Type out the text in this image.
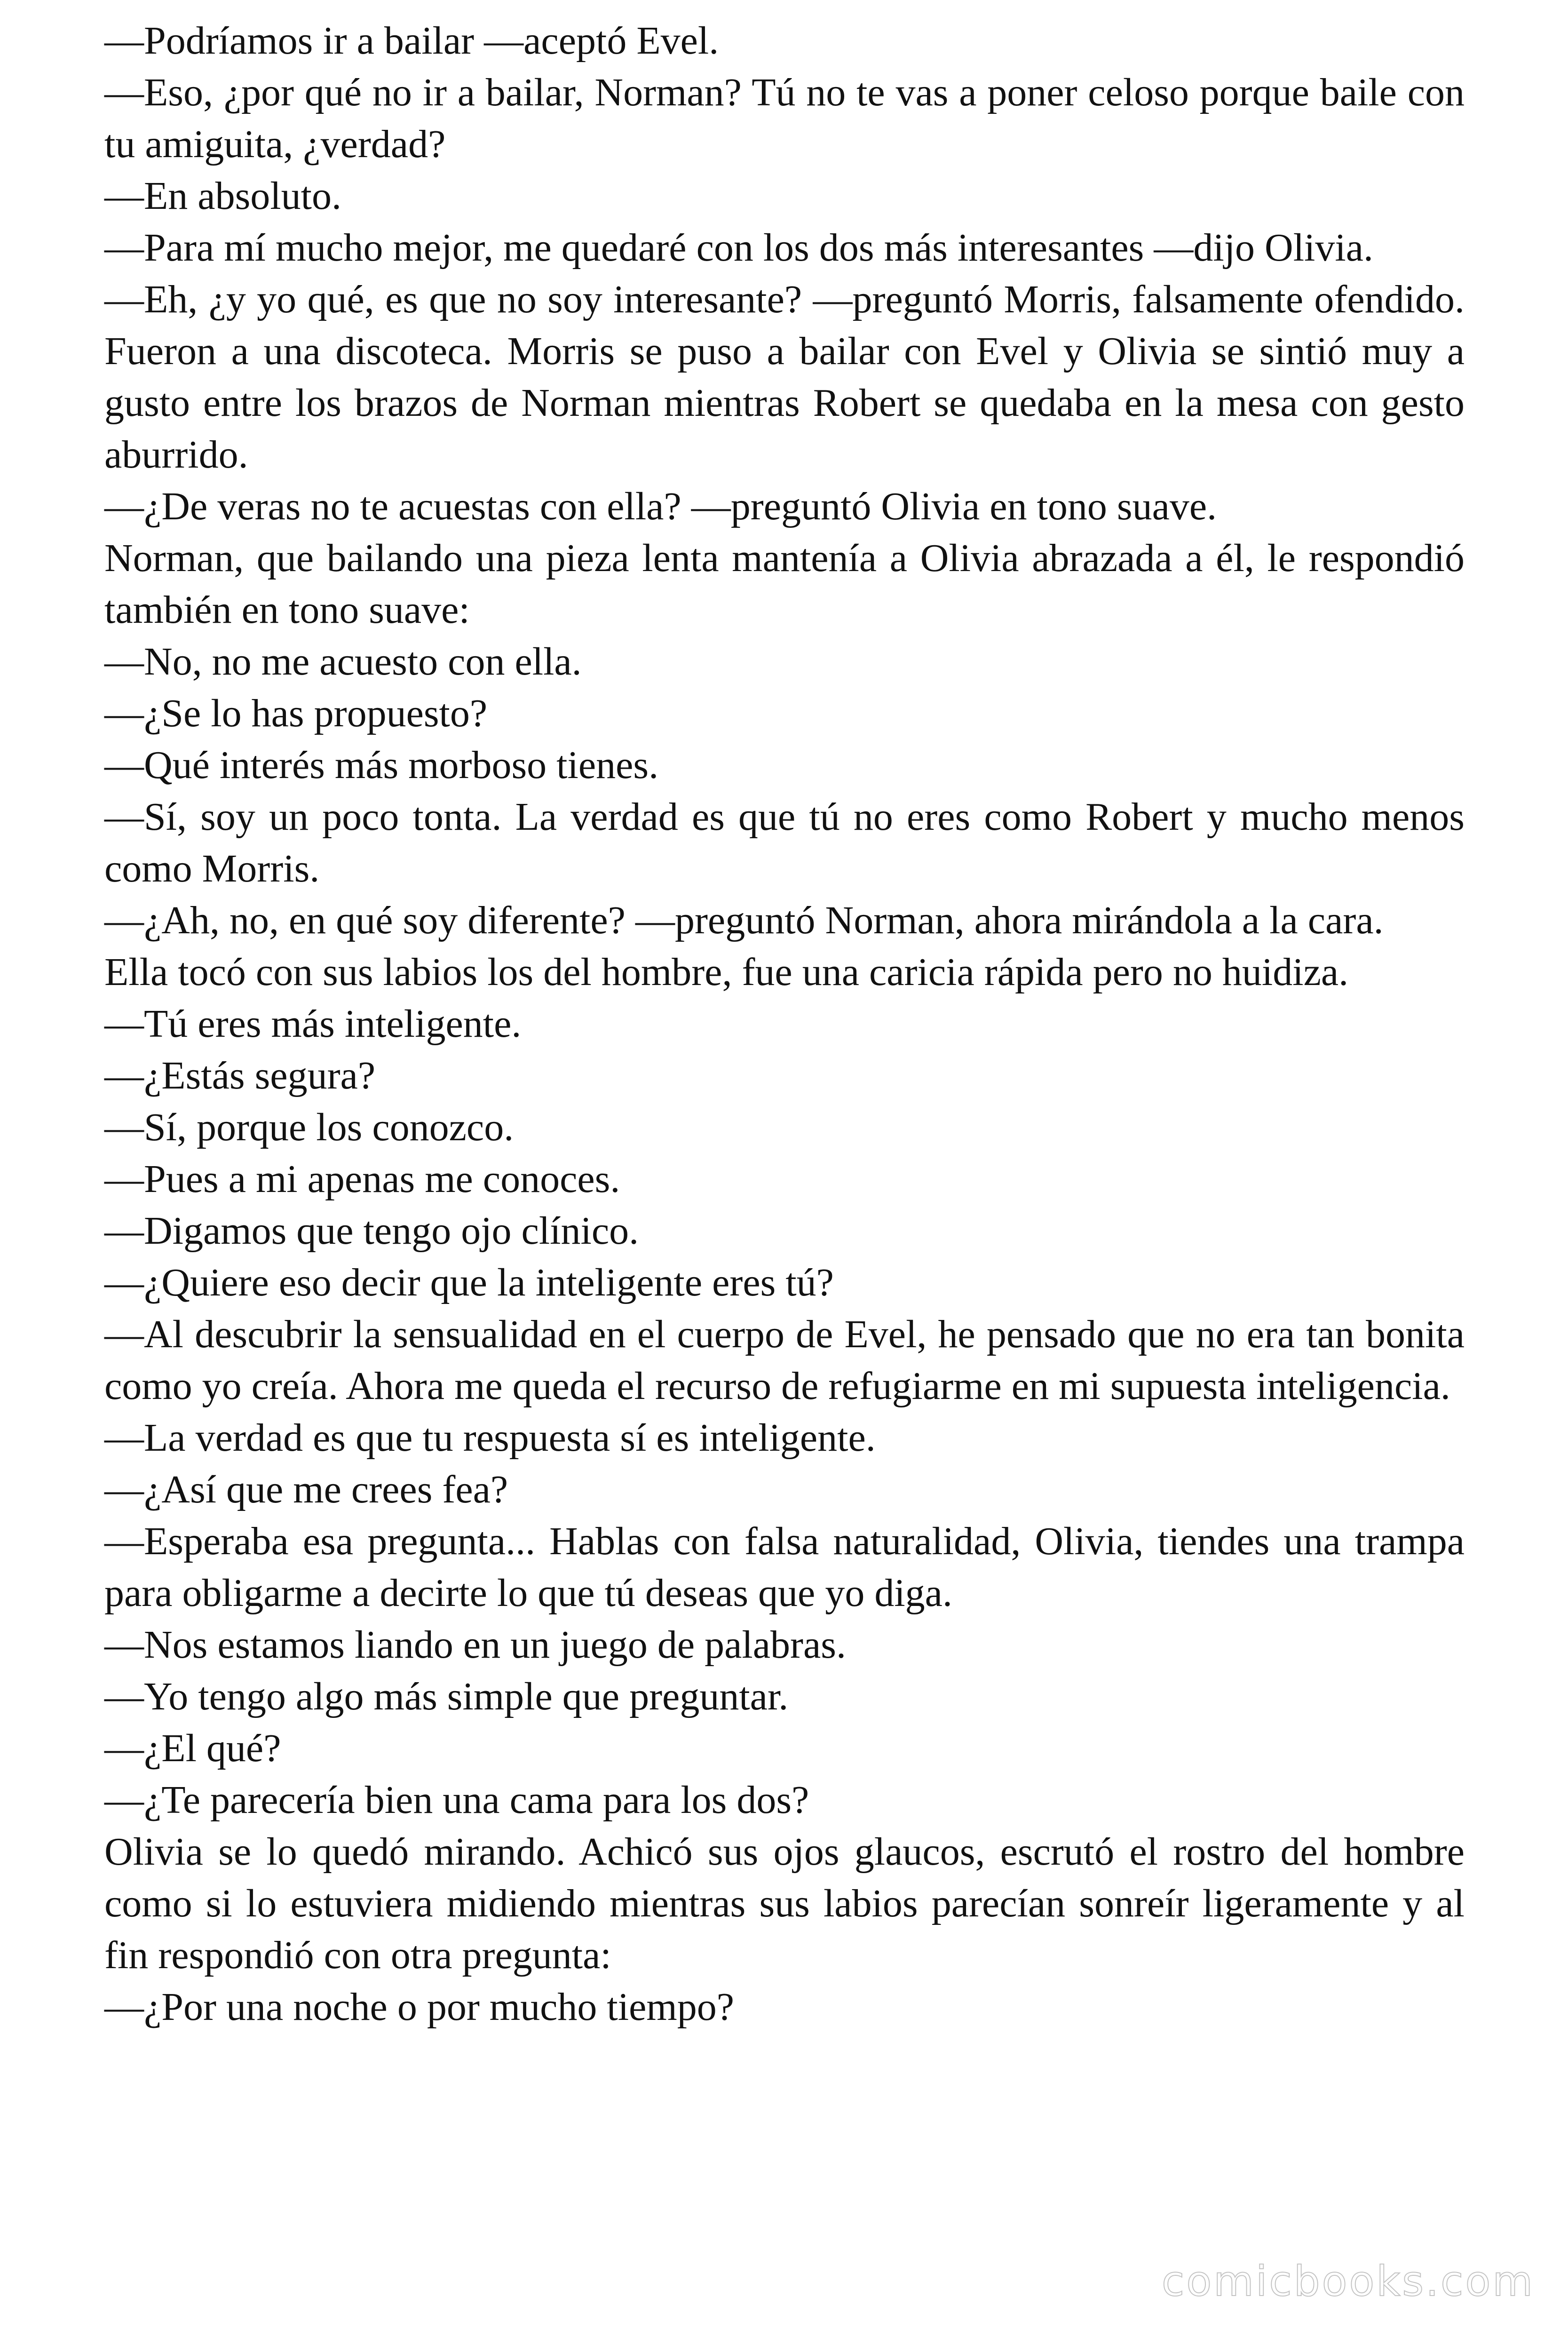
—Podríamos ir a bailar —aceptó Evel.

—Eso, ¿por qué no ir a bailar, Norman? Tú no te vas a poner celoso porque baile con tu amiguita, ¿verdad?

—En absoluto.

—Para mí mucho mejor, me quedaré con los dos más interesantes —dijo Olivia.

—Eh, ¿y yo qué, es que no soy interesante? —preguntó Morris, falsamente ofendido. Fueron a una discoteca. Morris se puso a bailar con Evel y Olivia se sintió muy a gusto entre los brazos de Norman mientras Robert se quedaba en la mesa con gesto aburrido.

—¿De veras no te acuestas con ella? —preguntó Olivia en tono suave.

Norman, que bailando una pieza lenta mantenía a Olivia abrazada a él, le respondió también en tono suave:

—No, no me acuesto con ella.

—¿Se lo has propuesto?

—Qué interés más morboso tienes.

—Sí, soy un poco tonta. La verdad es que tú no eres como Robert y mucho menos como Morris.

—¿Ah, no, en qué soy diferente? —preguntó Norman, ahora mirándola a la cara.

Ella tocó con sus labios los del hombre, fue una caricia rápida pero no huidiza.

—Tú eres más inteligente.

—¿Estás segura?

—Sí, porque los conozco.

—Pues a mi apenas me conoces.

—Digamos que tengo ojo clínico.

—¿Quiere eso decir que la inteligente eres tú?

—Al descubrir la sensualidad en el cuerpo de Evel, he pensado que no era tan bonita como yo creía. Ahora me queda el recurso de refugiarme en mi supuesta inteligencia.

—La verdad es que tu respuesta sí es inteligente.

—¿Así que me crees fea?

—Esperaba esa pregunta... Hablas con falsa naturalidad, Olivia, tiendes una trampa para obligarme a decirte lo que tú deseas que yo diga.

—Nos estamos liando en un juego de palabras.

—Yo tengo algo más simple que preguntar.

—¿El qué?

—¿Te parecería bien una cama para los dos?

Olivia se lo quedó mirando. Achicó sus ojos glaucos, escrutó el rostro del hombre como si lo estuviera midiendo mientras sus labios parecían sonreír ligeramente y al fin respondió con otra pregunta:

—¿Por una noche o por mucho tiempo?

comicbooks.com
